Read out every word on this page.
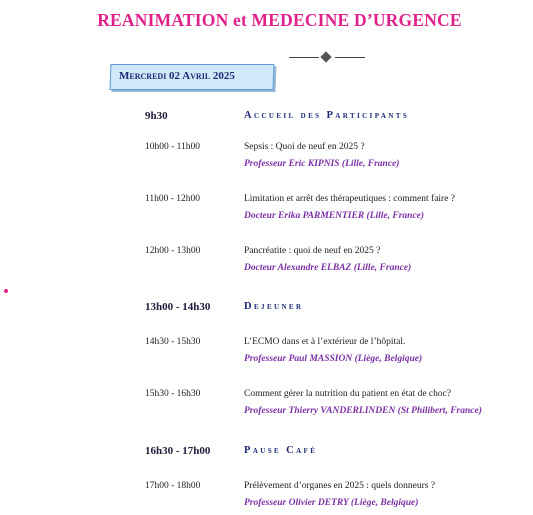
REANIMATION et MEDECINE D’URGENCE
Mercredi 02 Avril 2025
9h30	Accueil des Participants
10h00 - 11h00	Sepsis : Quoi de neuf en 2025 ?
Professeur Eric KIPNIS (Lille, France)
11h00 - 12h00	Limitation et arrêt des thérapeutiques : comment faire ?
Docteur Erika PARMENTIER (Lille, France)
12h00 - 13h00	Pancréatite : quoi de neuf en 2025 ?
Docteur Alexandre ELBAZ (Lille, France)
13h00 - 14h30	Dejeuner
14h30 - 15h30	L’ECMO dans et à l’extérieur de l’hôpital.
Professeur Paul MASSION (Liège, Belgique)
15h30 - 16h30	Comment gérer la nutrition du patient en état de choc?
Professeur Thierry VANDERLINDEN (St Philibert, France)
16h30 - 17h00	Pause Café
17h00 - 18h00	Prélèvement d’organes en 2025 : quels donneurs ?
Professeur Olivier DETRY (Liège, Belgique)
